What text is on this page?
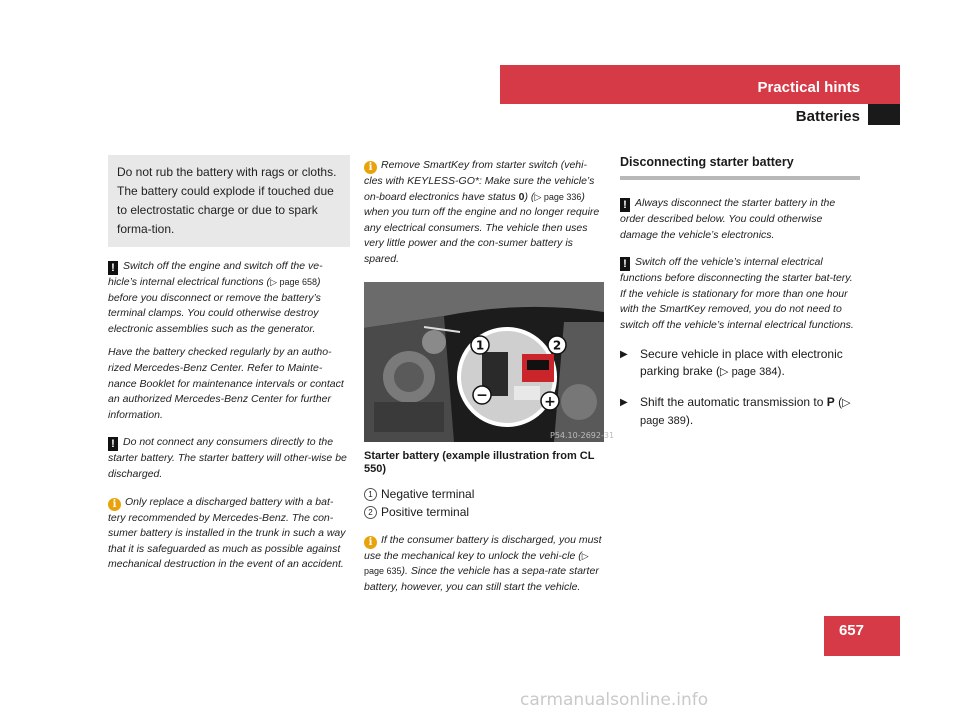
Practical hints
Batteries
Do not rub the battery with rags or cloths. The battery could explode if touched due to electrostatic charge or due to spark forma-tion.

! Switch off the engine and switch off the ve-hicle’s internal electrical functions (▷ page 658) before you disconnect or remove the battery’s terminal clamps. You could otherwise destroy electronic assemblies such as the generator.

Have the battery checked regularly by an autho-rized Mercedes-Benz Center. Refer to Mainte-nance Booklet for maintenance intervals or contact an authorized Mercedes-Benz Center for further information.

! Do not connect any consumers directly to the starter battery. The starter battery will other-wise be discharged.

i Only replace a discharged battery with a bat-tery recommended by Mercedes-Benz. The con-sumer battery is installed in the trunk in such a way that it is safeguarded as much as possible against mechanical destruction in the event of an accident.

i Remove SmartKey from starter switch (vehi-cles with KEYLESS-GO*: Make sure the vehicle’s on-board electronics have status 0) (▷ page 336) when you turn off the engine and no longer require any electrical consumers. The vehicle then uses very little power and the con-sumer battery is spared.

1	2
−	+
P54.10-2692-31
Starter battery (example illustration from CL 550)
1 Negative terminal
2 Positive terminal

i If the consumer battery is discharged, you must use the mechanical key to unlock the vehi-cle (▷ page 635). Since the vehicle has a sepa-rate starter battery, however, you can still start the vehicle.

Disconnecting starter battery

! Always disconnect the starter battery in the order described below. You could otherwise damage the vehicle’s electronics.

! Switch off the vehicle’s internal electrical functions before disconnecting the starter bat-tery. If the vehicle is stationary for more than one hour with the SmartKey removed, you do not need to switch off the vehicle’s internal electrical functions.

▶ Secure vehicle in place with electronic parking brake (▷ page 384).
▶ Shift the automatic transmission to P (▷ page 389).
657
carmanualsonline.info
